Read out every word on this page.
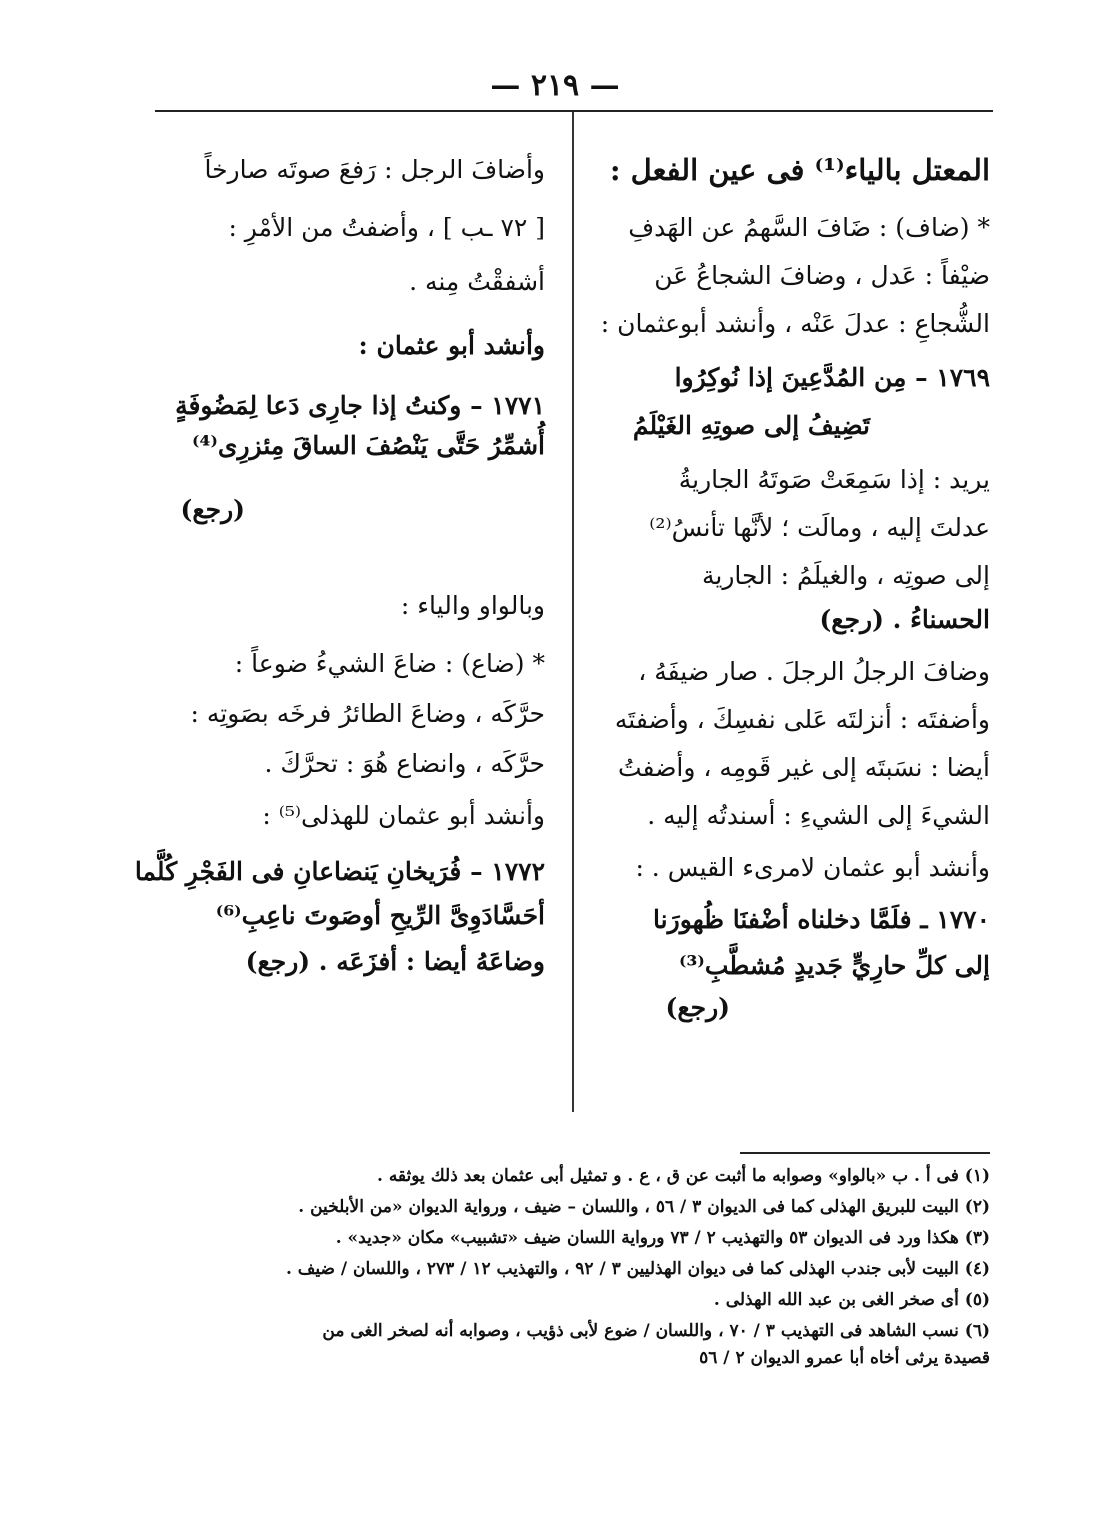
— ٢١٩ —

المعتل بالياء⁽¹⁾ فى عين الفعل :

* (ضاف) : ضَافَ السَّهمُ عن الهَدفِ

ضيْفاً : عَدل ، وضافَ الشجاعُ عَن

الشُّجاعِ : عدلَ عَنْه ، وأنشد أبوعثمان :

١٧٦٩ – مِن المُدَّعِينَ إذا نُوكِرُوا

تَضِيفُ إلى صوتِهِ الغَيْلَمُ

يريد : إذا سَمِعَتْ صَوتَهُ الجاريةُ

عدلتَ إليه ، ومالَت ؛ لأنَّها تأنسُ⁽²⁾

إلى صوتِه ، والغيلَمُ : الجارية

الحسناءُ . (رجع)

وضافَ الرجلُ الرجلَ . صار ضيفَهُ ،

وأضفتَه : أنزلتَه عَلى نفسِكَ ، وأضفتَه

أيضا : نسَبتَه إلى غير قَومِه ، وأضفتُ

الشيءَ إلى الشيءِ : أسندتُه إليه .

وأنشد أبو عثمان لامرىء القيس . :

١٧٧٠ ـ فلَمَّا دخلناه أضْفنَا ظُهورَنا

إلى كلِّ حارِيٍّ جَديدٍ مُشطَّبِ⁽³⁾

(رجع)

وأضافَ الرجل : رَفعَ صوتَه صارخاً

[ ٧٢ ـب ] ، وأضفتُ من الأمْرِ :

أشفقْتُ مِنه .

وأنشد أبو عثمان :

١٧٧١ – وكنتُ إذا جارِى دَعا لِمَضُوفَةٍ

أُشمِّرُ حَتَّى يَنْصُفَ الساقَ مِئزرِى⁽⁴⁾

(رجع)

وبالواو والياء :

* (ضاع) : ضاعَ الشيءُ ضوعاً :

حرَّكَه ، وضاعَ الطائرُ فرخَه بصَوتِه :

حرَّكَه ، وانضاع هُوَ : تحرَّكَ .

وأنشد أبو عثمان للهذلى⁽⁵⁾ :

١٧٧٢ – فُرَيخانِ يَنضاعانِ فى الفَجْرِ كُلَّما

أحَسَّادَوِىَّ الرِّيحِ أوصَوتَ ناعِبِ⁽⁶⁾

وضاعَهُ أيضا : أفزَعَه . (رجع)

(١) فى أ . ب «بالواو» وصوابه ما أثبت عن ق ، ع . و تمثيل أبى عثمان بعد ذلك يوثقه .

(٢) البيت للبريق الهذلى كما فى الديوان ٣ / ٥٦ ، واللسان – ضيف ، ورواية الديوان «من الأبلخين .

(٣) هكذا ورد فى الديوان ٥٣ والتهذيب ٢ / ٧٣ ورواية اللسان ضيف «تشبيب» مكان «جديد» .

(٤) البيت لأبى جندب الهذلى كما فى ديوان الهذليين ٣ / ٩٢ ، والتهذيب ١٢ / ٢٧٣ ، واللسان / ضيف .

(٥) أى صخر الغى بن عبد الله الهذلى .

(٦) نسب الشاهد فى التهذيب ٣ / ٧٠ ، واللسان / ضوع لأبى ذؤيب ، وصوابه أنه لصخر الغى من

قصيدة يرثى أخاه أبا عمرو الديوان ٢ / ٥٦
